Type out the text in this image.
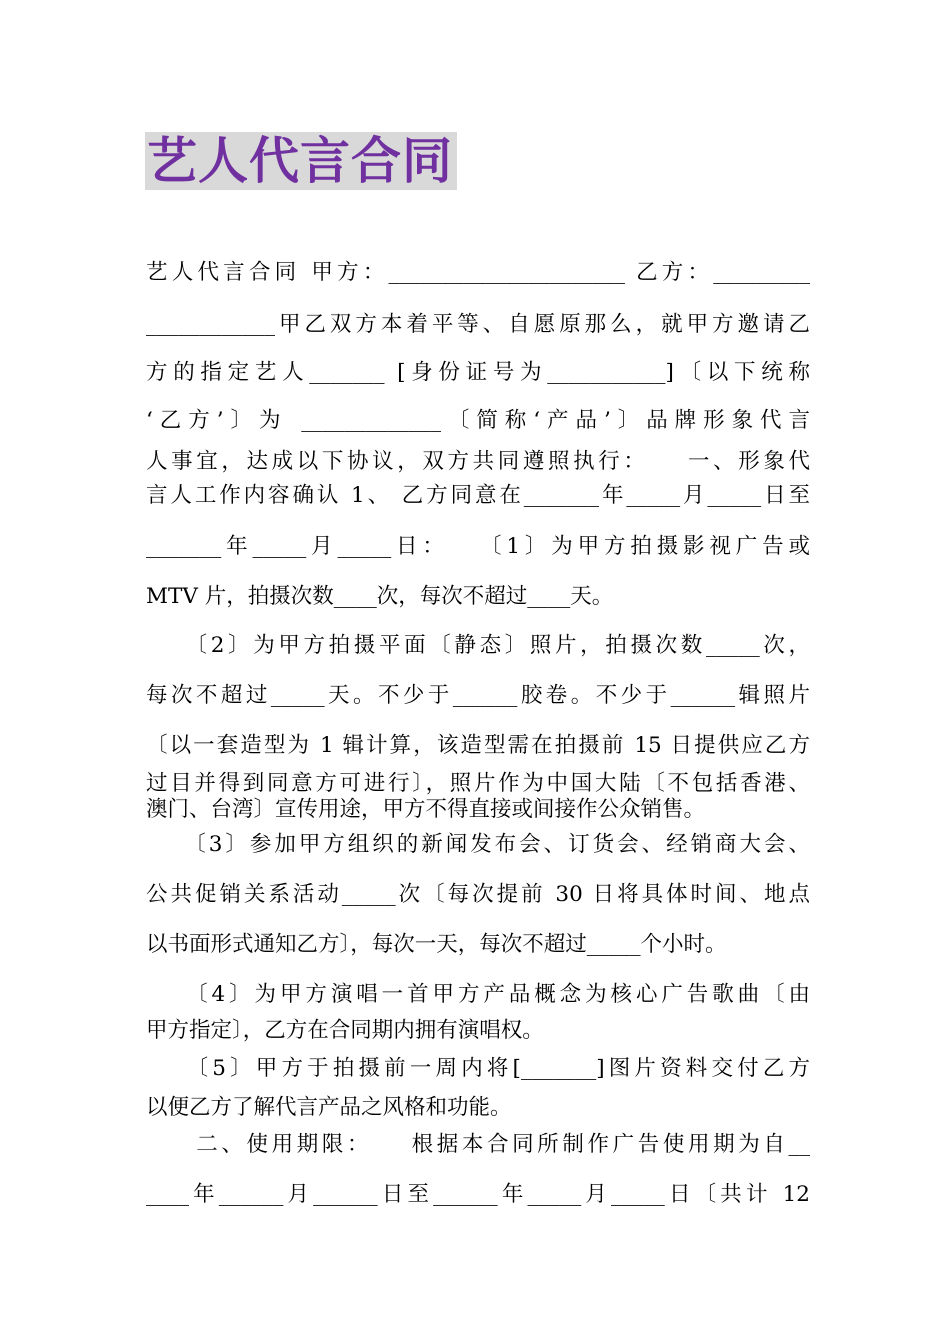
艺人代言合同
艺人代言合同 甲方：______________________ 乙方：_________
____________甲乙双方本着平等、自愿原那么，就甲方邀请乙
方的指定艺人_______ [身份证号为___________]〔以下统称
‘乙方’〕为 _____________〔简称‘产品’〕品牌形象代言
人事宜，达成以下协议，双方共同遵照执行：　　一、形象代
言人工作内容确认 1、 乙方同意在_______年_____月_____日至
_______年_____月_____日：　　〔1〕为甲方拍摄影视广告或
MTV 片，拍摄次数____次，每次不超过____天。
　　〔2〕为甲方拍摄平面〔静态〕照片，拍摄次数_____次，
每次不超过_____天。不少于______胶卷。不少于______辑照片
〔以一套造型为 1 辑计算，该造型需在拍摄前 15 日提供应乙方
过目并得到同意方可进行〕，照片作为中国大陆〔不包括香港、
澳门、台湾〕宣传用途，甲方不得直接或间接作公众销售。
　　〔3〕参加甲方组织的新闻发布会、订货会、经销商大会、
公共促销关系活动_____次〔每次提前 30 日将具体时间、地点
以书面形式通知乙方〕，每次一天，每次不超过_____个小时。
　　〔4〕为甲方演唱一首甲方产品概念为核心广告歌曲〔由
甲方指定〕，乙方在合同期内拥有演唱权。
　　〔5〕甲方于拍摄前一周内将[_______]图片资料交付乙方
以便乙方了解代言产品之风格和功能。
　　二、使用期限：　　根据本合同所制作广告使用期为自__
____年______月______日至______年_____月_____日〔共计 12
